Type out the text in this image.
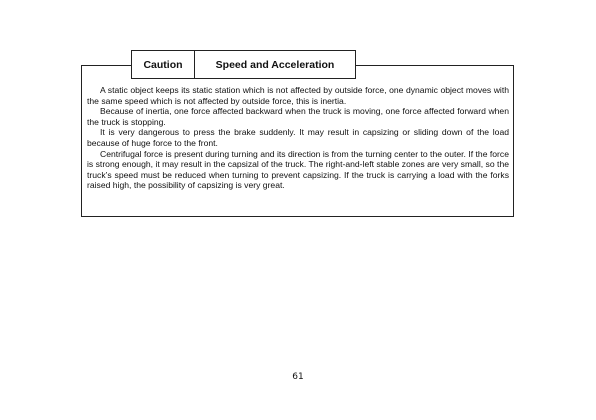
Caution	Speed and Acceleration

A static object keeps its static station which is not affected by outside force, one dynamic object moves with the same speed which is not affected by outside force, this is inertia.

Because of inertia, one force affected backward when the truck is moving, one force affected forward when the truck is stopping.

It is very dangerous to press the brake suddenly. It may result in capsizing or sliding down of the load because of huge force to the front.

Centrifugal force is present during turning and its direction is from the turning center to the outer. If the force is strong enough, it may result in the capsizal of the truck. The right-and-left stable zones are very small, so the truck’s speed must be reduced when turning to prevent capsizing. If the truck is carrying a load with the forks raised high, the possibility of capsizing is very great.

61
